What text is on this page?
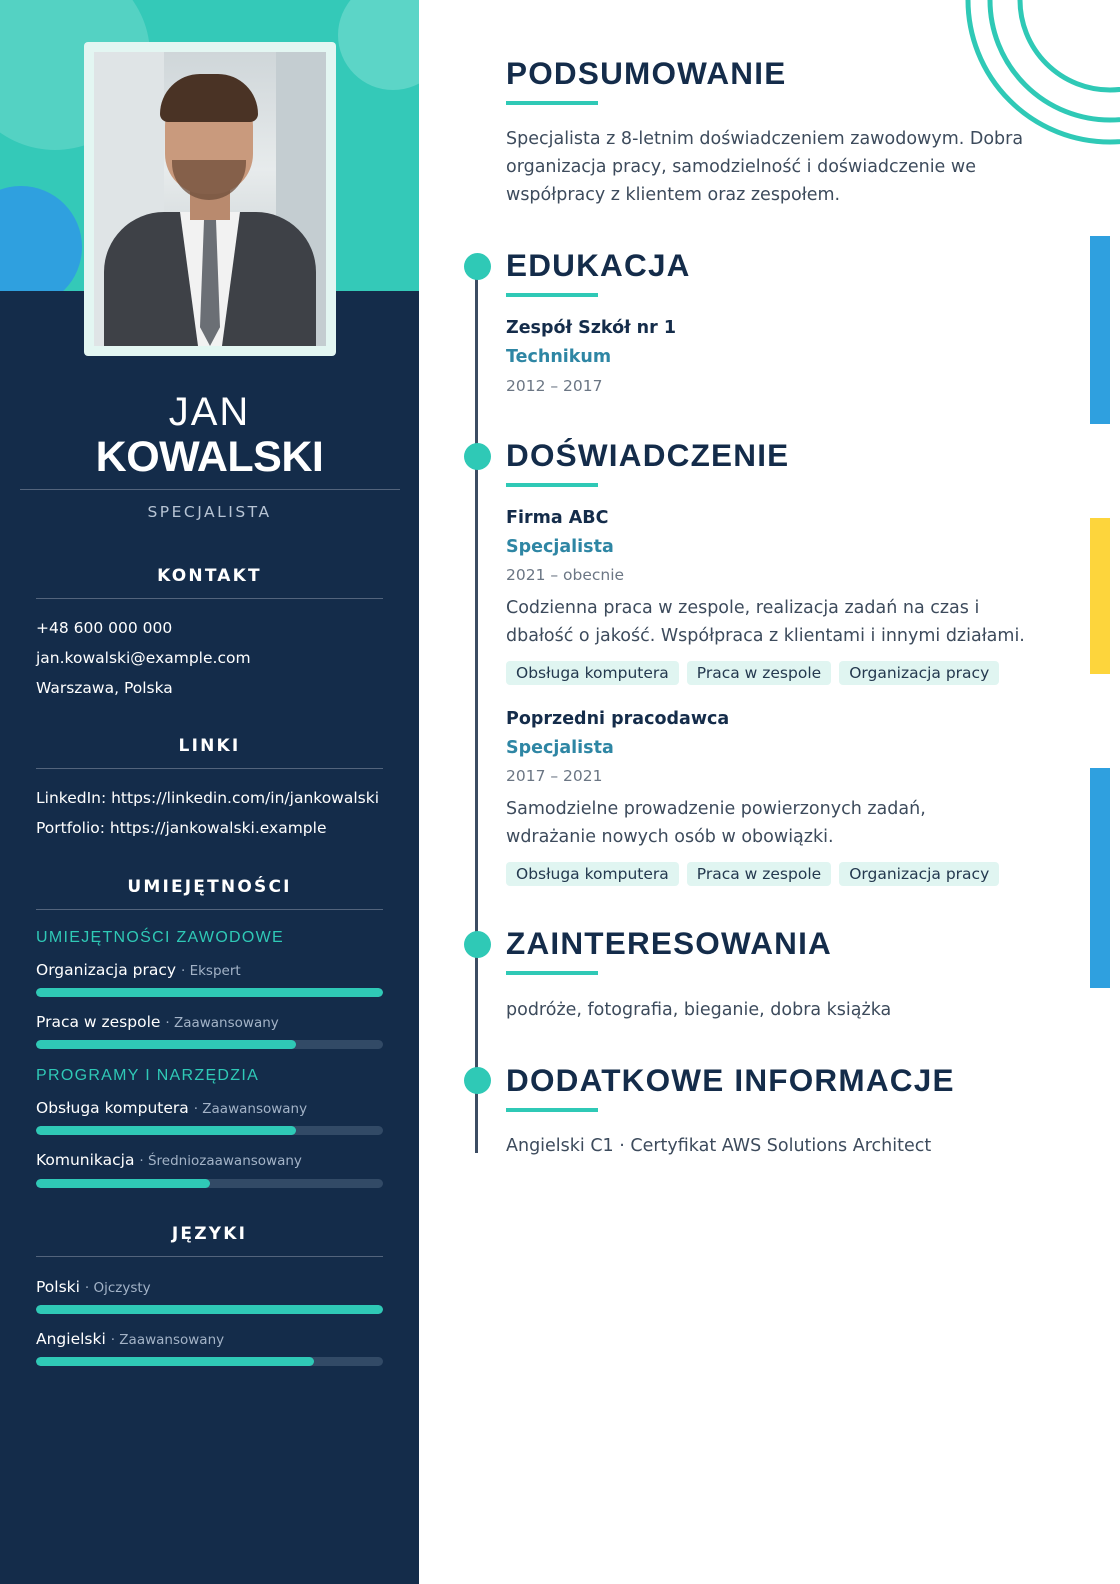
JAN
KOWALSKI
SPECJALISTA
KONTAKT
+48 600 000 000
jan.kowalski@example.com
Warszawa, Polska
LINKI
LinkedIn: https://linkedin.com/in/jankowalski
Portfolio: https://jankowalski.example
UMIEJĘTNOŚCI
UMIEJĘTNOŚCI ZAWODOWE
Organizacja pracy · Ekspert
Praca w zespole · Zaawansowany
PROGRAMY I NARZĘDZIA
Obsługa komputera · Zaawansowany
Komunikacja · Średniozaawansowany
JĘZYKI
Polski · Ojczysty
Angielski · Zaawansowany
PODSUMOWANIE
Specjalista z 8-letnim doświadczeniem zawodowym. Dobra organizacja pracy, samodzielność i doświadczenie we współpracy z klientem oraz zespołem.
EDUKACJA
Zespół Szkół nr 1
Technikum
2012 – 2017
DOŚWIADCZENIE
Firma ABC
Specjalista
2021 – obecnie
Codzienna praca w zespole, realizacja zadań na czas i dbałość o jakość. Współpraca z klientami i innymi działami.
Obsługa komputera	Praca w zespole	Organizacja pracy
Poprzedni pracodawca
Specjalista
2017 – 2021
Samodzielne prowadzenie powierzonych zadań, wdrażanie nowych osób w obowiązki.
Obsługa komputera	Praca w zespole	Organizacja pracy
ZAINTERESOWANIA
podróże, fotografia, bieganie, dobra książka
DODATKOWE INFORMACJE
Angielski C1 · Certyfikat AWS Solutions Architect
